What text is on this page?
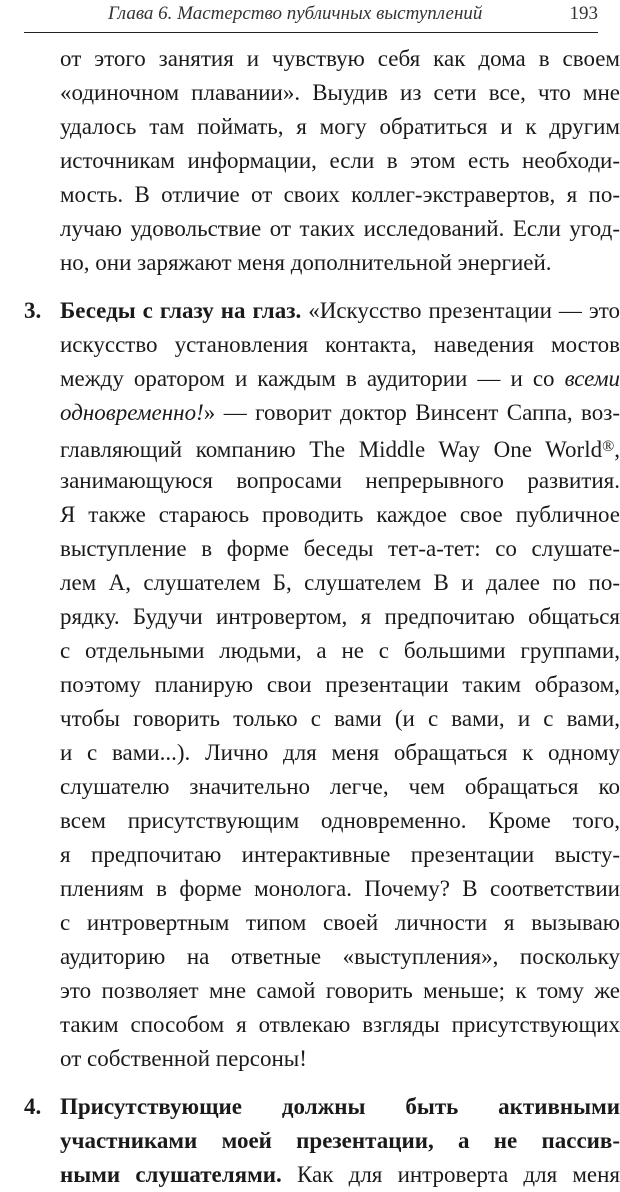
Глава 6. Мастерство публичных выступлений	193
от этого занятия и чувствую себя как дома в своем
«одиночном плавании». Выудив из сети все, что мне
удалось там поймать, я могу обратиться и к другим
источникам информации, если в этом есть необходи-
мость. В отличие от своих коллег-экстравертов, я по-
лучаю удовольствие от таких исследований. Если угод-
но, они заряжают меня дополнительной энергией.
3. Беседы с глазу на глаз. «Искусство презентации — это
искусство установления контакта, наведения мостов
между оратором и каждым в аудитории — и со всеми
одновременно!» — говорит доктор Винсент Саппа, воз-
главляющий компанию The Middle Way One World®,
занимающуюся вопросами непрерывного развития.
Я также стараюсь проводить каждое свое публичное
выступление в форме беседы тет-а-тет: со слушате-
лем А, слушателем Б, слушателем В и далее по по-
рядку. Будучи интровертом, я предпочитаю общаться
с отдельными людьми, а не с большими группами,
поэтому планирую свои презентации таким образом,
чтобы говорить только с вами (и с вами, и с вами,
и с вами...). Лично для меня обращаться к одному
слушателю значительно легче, чем обращаться ко
всем присутствующим одновременно. Кроме того,
я предпочитаю интерактивные презентации высту-
плениям в форме монолога. Почему? В соответствии
с интровертным типом своей личности я вызываю
аудиторию на ответные «выступления», поскольку
это позволяет мне самой говорить меньше; к тому же
таким способом я отвлекаю взгляды присутствующих
от собственной персоны!
4. Присутствующие должны быть активными
участниками моей презентации, а не пассив-
ными слушателями. Как для интроверта для меня
